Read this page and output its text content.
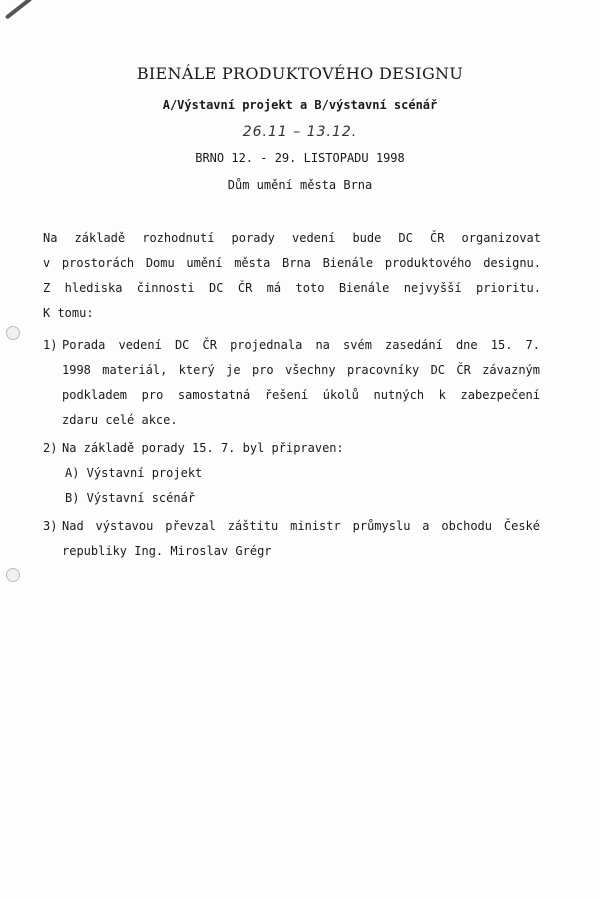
BIENÁLE PRODUKTOVÉHO DESIGNU
A/Výstavní projekt a B/výstavní scénář
26.11 – 13.12.
BRNO 12. - 29. LISTOPADU 1998
Dům umění města Brna
Na základě rozhodnutí porady vedení bude DC ČR organizovat
v prostorách Domu umění města Brna Bienále produktového designu.
Z hlediska činnosti DC ČR má toto Bienále nejvyšší prioritu.
K tomu:
1) Porada vedení DC ČR projednala na svém zasedání dne 15. 7.
1998 materiál, který je pro všechny pracovníky DC ČR závazným
podkladem pro samostatná řešení úkolů nutných k zabezpečení
zdaru celé akce.
2) Na základě porady 15. 7. byl připraven:
A) Výstavní projekt
B) Výstavní scénář
3) Nad výstavou převzal záštitu ministr průmyslu a obchodu České
republiky Ing. Miroslav Grégr
